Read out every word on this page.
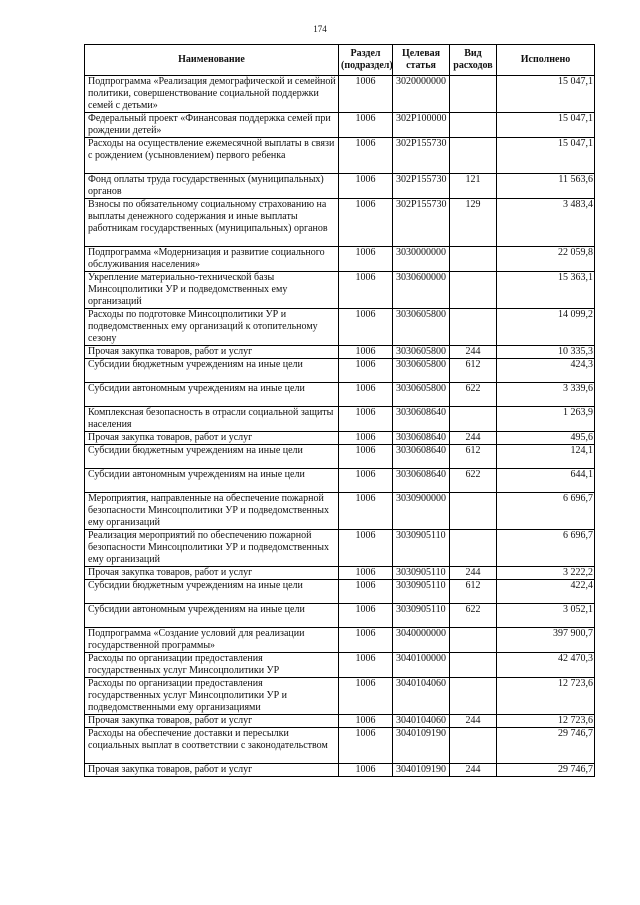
174
Наименование	Раздел (подраздел)	Целевая статья	Вид расходов	Исполнено
Подпрограмма «Реализация демографической и семейной политики, совершенствование социальной поддержки семей с детьми»	1006	3020000000		15 047,1
Федеральный проект «Финансовая поддержка семей при рождении детей»	1006	302P100000		15 047,1
Расходы на осуществление ежемесячной выплаты в связи с рождением (усыновлением) первого ребенка	1006	302P155730		15 047,1
Фонд оплаты труда государственных (муниципальных) органов	1006	302P155730	121	11 563,6
Взносы по обязательному социальному страхованию на выплаты денежного содержания и иные выплаты работникам государственных (муниципальных) органов	1006	302P155730	129	3 483,4
Подпрограмма «Модернизация и развитие социального обслуживания населения»	1006	3030000000		22 059,8
Укрепление материально-технической базы Минсоцполитики УР и подведомственных ему организаций	1006	3030600000		15 363,1
Расходы по подготовке Минсоцполитики УР и подведомственных ему организаций к отопительному сезону	1006	3030605800		14 099,2
Прочая закупка товаров, работ и услуг	1006	3030605800	244	10 335,3
Субсидии бюджетным учреждениям на иные цели	1006	3030605800	612	424,3
Субсидии автономным учреждениям на иные цели	1006	3030605800	622	3 339,6
Комплексная безопасность в отрасли социальной защиты населения	1006	3030608640		1 263,9
Прочая закупка товаров, работ и услуг	1006	3030608640	244	495,6
Субсидии бюджетным учреждениям на иные цели	1006	3030608640	612	124,1
Субсидии автономным учреждениям на иные цели	1006	3030608640	622	644,1
Мероприятия, направленные на обеспечение пожарной безопасности Минсоцполитики УР и подведомственных ему организаций	1006	3030900000		6 696,7
Реализация мероприятий по обеспечению пожарной безопасности Минсоцполитики УР и подведомственных ему организаций	1006	3030905110		6 696,7
Прочая закупка товаров, работ и услуг	1006	3030905110	244	3 222,2
Субсидии бюджетным учреждениям на иные цели	1006	3030905110	612	422,4
Субсидии автономным учреждениям на иные цели	1006	3030905110	622	3 052,1
Подпрограмма «Создание условий для реализации государственной программы»	1006	3040000000		397 900,7
Расходы по организации предоставления государственных услуг Минсоцполитики УР	1006	3040100000		42 470,3
Расходы по организации предоставления государственных услуг Минсоцполитики УР и подведомственными ему организациями	1006	3040104060		12 723,6
Прочая закупка товаров, работ и услуг	1006	3040104060	244	12 723,6
Расходы на обеспечение доставки и пересылки социальных выплат в соответствии с законодательством	1006	3040109190		29 746,7
Прочая закупка товаров, работ и услуг	1006	3040109190	244	29 746,7
